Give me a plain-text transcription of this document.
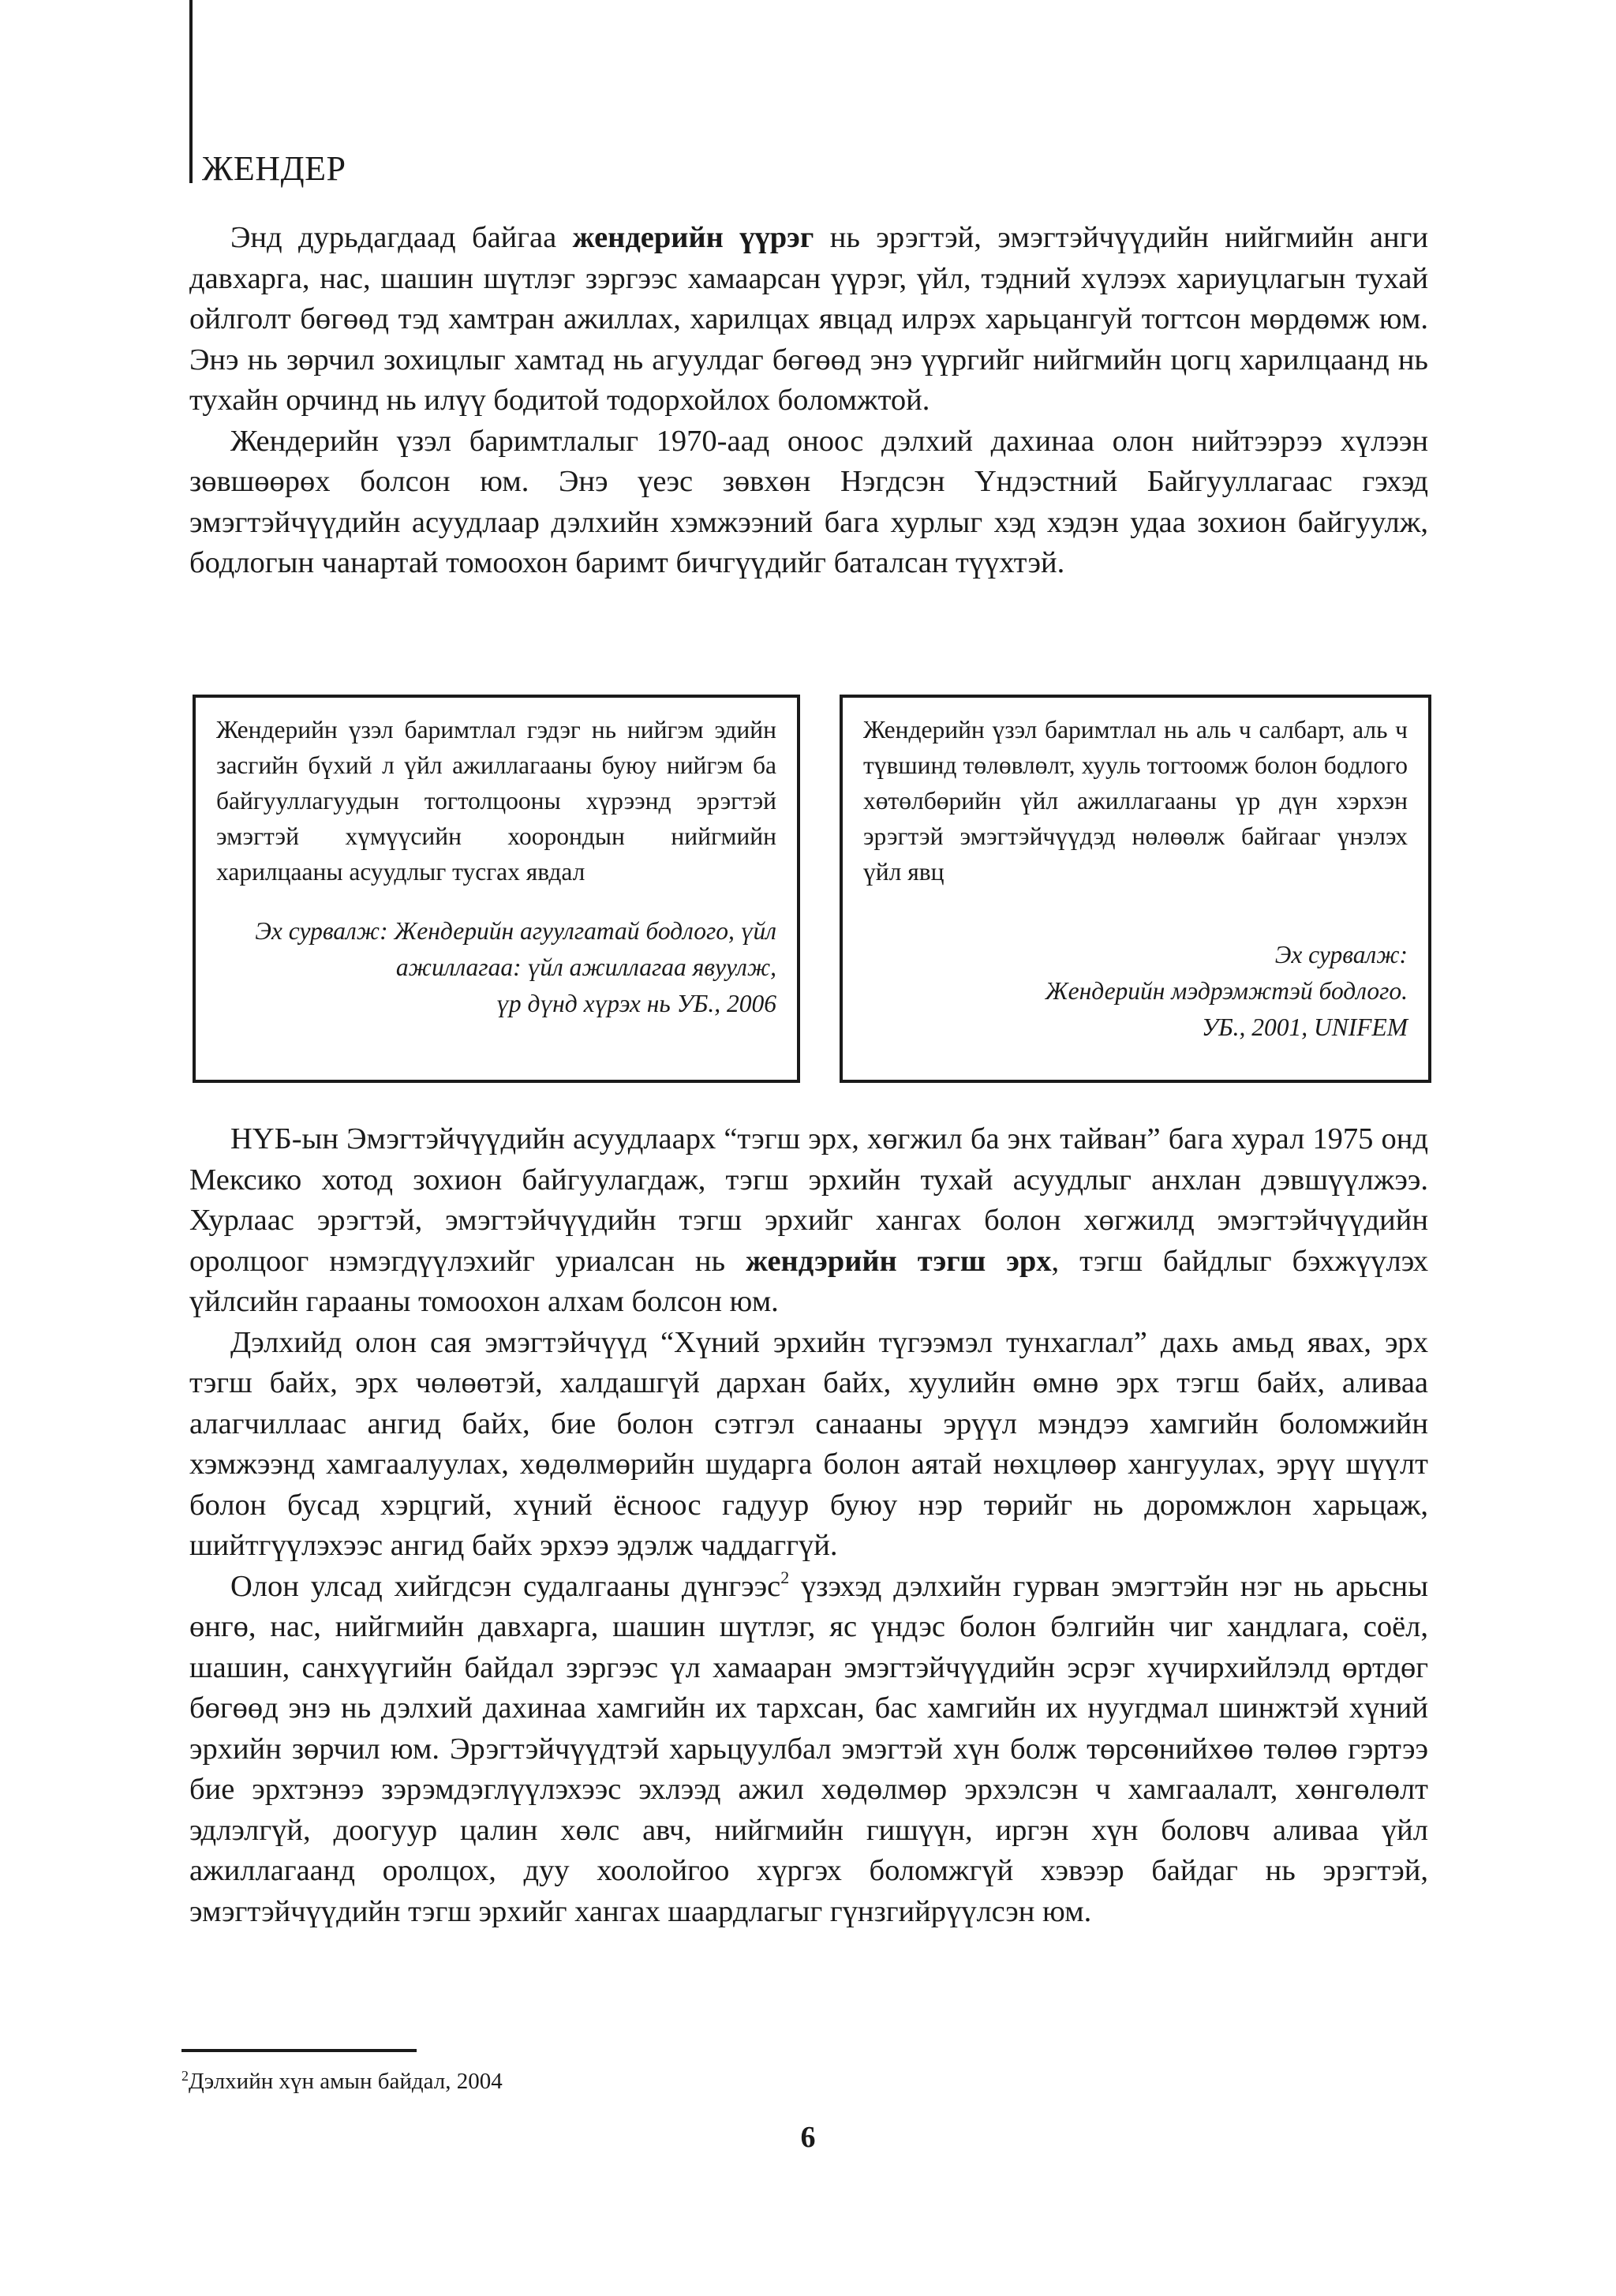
ЖЕНДЕР

Энд дурьдагдаад байгаа жендерийн үүрэг нь эрэгтэй, эмэгтэйчүүдийн нийгмийн анги давхарга, нас, шашин шүтлэг зэргээс хамаарсан үүрэг, үйл, тэдний хүлээх хариуцлагын тухай ойлголт бөгөөд тэд хамтран ажиллах, харилцах явцад илрэх харьцангуй тогтсон мөрдөмж юм. Энэ нь зөрчил зохицлыг хамтад нь агуулдаг бөгөөд энэ үүргийг нийгмийн цогц харилцаанд нь тухайн орчинд нь илүү бодитой тодорхойлох боломжтой.

Жендерийн үзэл баримтлалыг 1970-аад оноос дэлхий дахинаа олон нийтээрээ хүлээн зөвшөөрөх болсон юм. Энэ үеэс зөвхөн Нэгдсэн Үндэстний Байгууллагаас гэхэд эмэгтэйчүүдийн асуудлаар дэлхийн хэмжээний бага хурлыг хэд хэдэн удаа зохион байгуулж, бодлогын чанартай томоохон баримт бичгүүдийг баталсан түүхтэй.

Жендерийн үзэл баримтлал гэдэг нь нийгэм эдийн засгийн бүхий л үйл ажиллагааны буюу нийгэм ба байгууллагуудын тогтолцооны хүрээнд эрэгтэй эмэгтэй хүмүүсийн хоорондын нийгмийн харилцааны асуудлыг тусгах явдал

Эх сурвалж: Жендерийн агуулгатай бодлого, үйл
ажиллагаа: үйл ажиллагаа явуулж,
үр дүнд хүрэх нь УБ., 2006

Жендерийн үзэл баримтлал нь аль ч салбарт, аль ч түвшинд төлөвлөлт, хууль тогтоомж болон бодлого хөтөлбөрийн үйл ажиллагааны үр дүн хэрхэн эрэгтэй эмэгтэйчүүдэд нөлөөлж байгааг үнэлэх үйл явц

Эх сурвалж:
Жендерийн мэдрэмжтэй бодлого.
УБ., 2001, UNIFEM

НҮБ-ын Эмэгтэйчүүдийн асуудлаарх “тэгш эрх, хөгжил ба энх тайван” бага хурал 1975 онд Мексико хотод зохион байгуулагдаж, тэгш эрхийн тухай асуудлыг анхлан дэвшүүлжээ. Хурлаас эрэгтэй, эмэгтэйчүүдийн тэгш эрхийг хангах болон хөгжилд эмэгтэйчүүдийн оролцоог нэмэгдүүлэхийг уриалсан нь жендэрийн тэгш эрх, тэгш байдлыг бэхжүүлэх үйлсийн гарааны томоохон алхам болсон юм.

Дэлхийд олон сая эмэгтэйчүүд “Хүний эрхийн түгээмэл тунхаглал” дахь амьд явах, эрх тэгш байх, эрх чөлөөтэй, халдашгүй дархан байх, хуулийн өмнө эрх тэгш байх, аливаа алагчиллаас ангид байх, бие болон сэтгэл санааны эрүүл мэндээ хамгийн боломжийн хэмжээнд хамгаалуулах, хөдөлмөрийн шударга болон аятай нөхцлөөр хангуулах, эрүү шүүлт болон бусад хэрцгий, хүний ёсноос гадуур буюу нэр төрийг нь доромжлон харьцаж, шийтгүүлэхээс ангид байх эрхээ эдэлж чаддаггүй.

Олон улсад хийгдсэн судалгааны дүнгээс$^2$ үзэхэд дэлхийн гурван эмэгтэйн нэг нь арьсны өнгө, нас, нийгмийн давхарга, шашин шүтлэг, яс үндэс болон бэлгийн чиг хандлага, соёл, шашин, санхүүгийн байдал зэргээс үл хамааран эмэгтэйчүүдийн эсрэг хүчирхийлэлд өртдөг бөгөөд энэ нь дэлхий дахинаа хамгийн их тархсан, бас хамгийн их нуугдмал шинжтэй хүний эрхийн зөрчил юм. Эрэгтэйчүүдтэй харьцуулбал эмэгтэй хүн болж төрсөнийхөө төлөө гэртээ бие эрхтэнээ зэрэмдэглүүлэхээс эхлээд ажил хөдөлмөр эрхэлсэн ч хамгаалалт, хөнгөлөлт эдлэлгүй, доогуур цалин хөлс авч, нийгмийн гишүүн, иргэн хүн боловч аливаа үйл ажиллагаанд оролцох, дуу хоолойгоо хүргэх боломжгүй хэвээр байдаг нь эрэгтэй, эмэгтэйчүүдийн тэгш эрхийг хангах шаардлагыг гүнзгийрүүлсэн юм.

$^2$Дэлхийн хүн амын байдал, 2004

6
